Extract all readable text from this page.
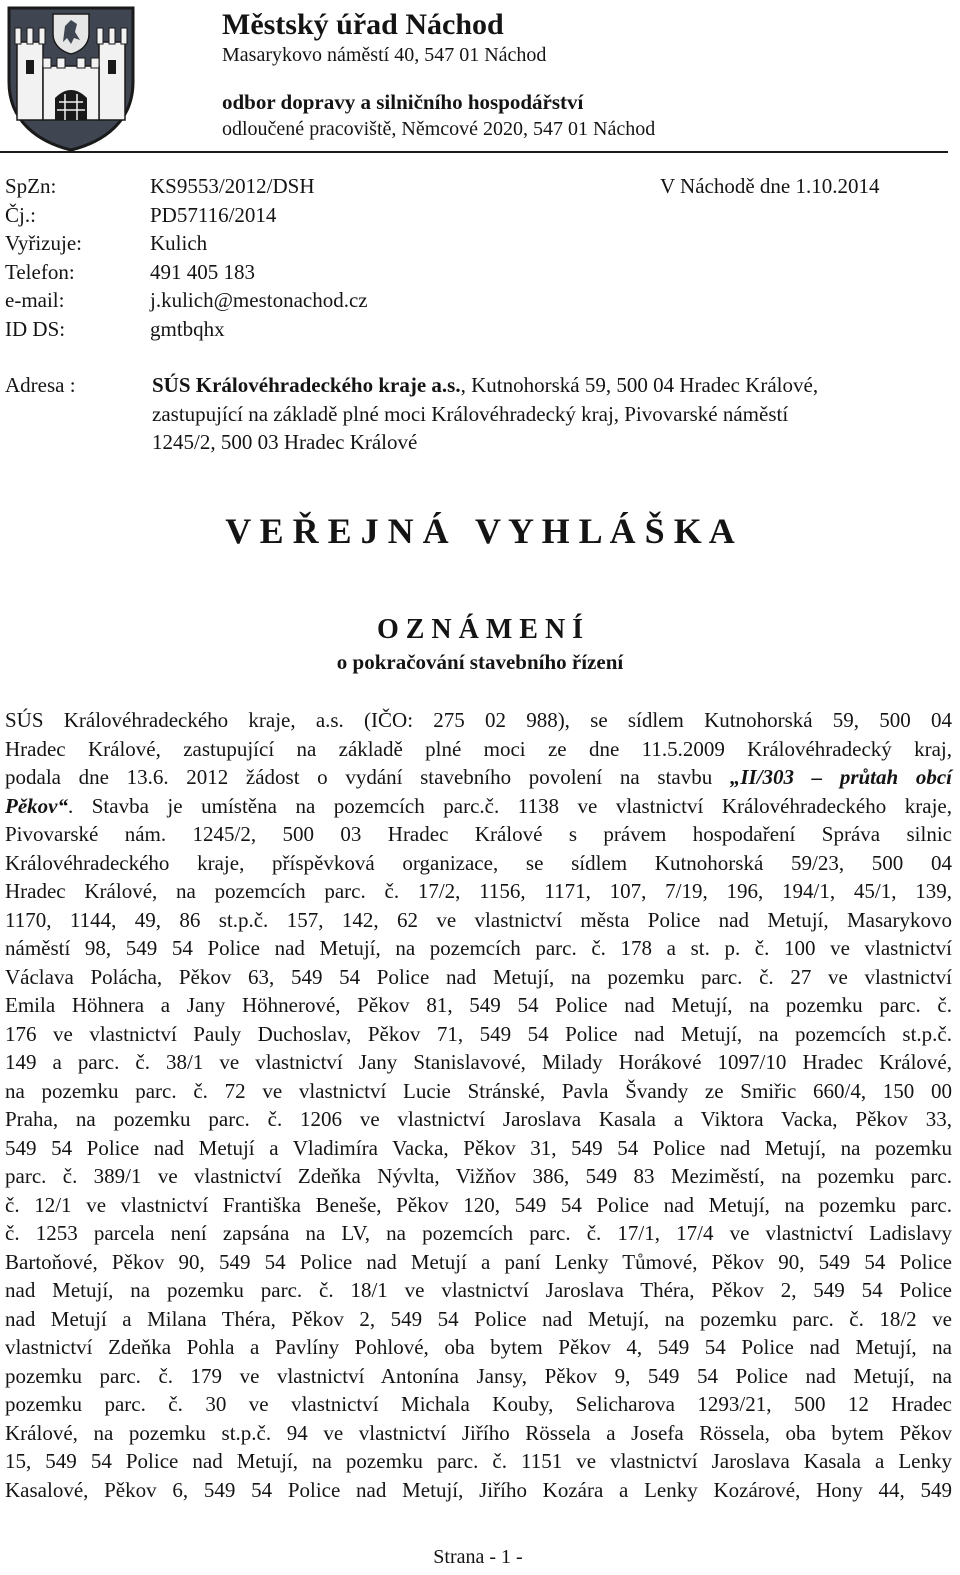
Městský úřad Náchod
Masarykovo náměstí 40, 547 01 Náchod
odbor dopravy a silničního hospodářství
odloučené pracoviště, Němcové 2020, 547 01 Náchod
SpZn:	KS9553/2012/DSH
Čj.:	PD57116/2014
Vyřizuje:	Kulich
Telefon:	491 405 183
e-mail:	j.kulich@mestonachod.cz
ID DS:	gmtbqhx
V Náchodě dne 1.10.2014
Adresa :	SÚS Královéhradeckého kraje a.s., Kutnohorská 59, 500 04 Hradec Králové,
zastupující na základě plné moci Královéhradecký kraj, Pivovarské náměstí
1245/2, 500 03 Hradec Králové
V E Ř E J N Á   V Y H L Á Š K A
O Z N Á M E N Í
o pokračování stavebního řízení
SÚS Královéhradeckého kraje, a.s. (IČO: 275 02 988), se sídlem Kutnohorská 59, 500 04
Hradec Králové, zastupující na základě plné moci ze dne 11.5.2009 Královéhradecký kraj,
podala dne 13.6. 2012 žádost o vydání stavebního povolení na stavbu „II/303 – průtah obcí
Pěkov“. Stavba je umístěna na pozemcích parc.č. 1138 ve vlastnictví Královéhradeckého kraje,
Pivovarské nám. 1245/2, 500 03 Hradec Králové s právem hospodaření Správa silnic
Královéhradeckého kraje, příspěvková organizace, se sídlem Kutnohorská 59/23, 500 04
Hradec Králové, na pozemcích parc. č. 17/2, 1156, 1171, 107, 7/19, 196, 194/1, 45/1, 139,
1170, 1144, 49, 86 st.p.č. 157, 142, 62 ve vlastnictví města Police nad Metují, Masarykovo
náměstí 98, 549 54 Police nad Metují, na pozemcích parc. č. 178 a st. p. č. 100 ve vlastnictví
Václava Polácha, Pěkov 63, 549 54 Police nad Metují, na pozemku parc. č. 27 ve vlastnictví
Emila Höhnera a Jany Höhnerové, Pěkov 81, 549 54 Police nad Metují, na pozemku parc. č.
176 ve vlastnictví Pauly Duchoslav, Pěkov 71, 549 54 Police nad Metují, na pozemcích st.p.č.
149 a parc. č. 38/1 ve vlastnictví Jany Stanislavové, Milady Horákové 1097/10 Hradec Králové,
na pozemku parc. č. 72 ve vlastnictví Lucie Stránské, Pavla Švandy ze Smiřic 660/4, 150 00
Praha, na pozemku parc. č. 1206 ve vlastnictví Jaroslava Kasala a Viktora Vacka, Pěkov 33,
549 54 Police nad Metují a Vladimíra Vacka, Pěkov 31, 549 54 Police nad Metují, na pozemku
parc. č. 389/1 ve vlastnictví Zdeňka Nývlta, Vižňov 386, 549 83 Meziměstí, na pozemku parc.
č. 12/1 ve vlastnictví Františka Beneše, Pěkov 120, 549 54 Police nad Metují, na pozemku parc.
č. 1253 parcela není zapsána na LV, na pozemcích parc. č. 17/1, 17/4 ve vlastnictví Ladislavy
Bartoňové, Pěkov 90, 549 54 Police nad Metují a paní Lenky Tůmové, Pěkov 90, 549 54 Police
nad Metují, na pozemku parc. č. 18/1 ve vlastnictví Jaroslava Théra, Pěkov 2, 549 54 Police
nad Metují a Milana Théra, Pěkov 2, 549 54 Police nad Metují, na pozemku parc. č. 18/2 ve
vlastnictví Zdeňka Pohla a Pavlíny Pohlové, oba bytem Pěkov 4, 549 54 Police nad Metují, na
pozemku parc. č. 179 ve vlastnictví Antonína Jansy, Pěkov 9, 549 54 Police nad Metují, na
pozemku parc. č. 30 ve vlastnictví Michala Kouby, Selicharova 1293/21, 500 12 Hradec
Králové, na pozemku st.p.č. 94 ve vlastnictví Jiřího Rössela a Josefa Rössela, oba bytem Pěkov
15, 549 54 Police nad Metují, na pozemku parc. č. 1151 ve vlastnictví Jaroslava Kasala a Lenky
Kasalové, Pěkov 6, 549 54 Police nad Metují, Jiřího Kozára a Lenky Kozárové, Hony 44, 549
Strana - 1 -
